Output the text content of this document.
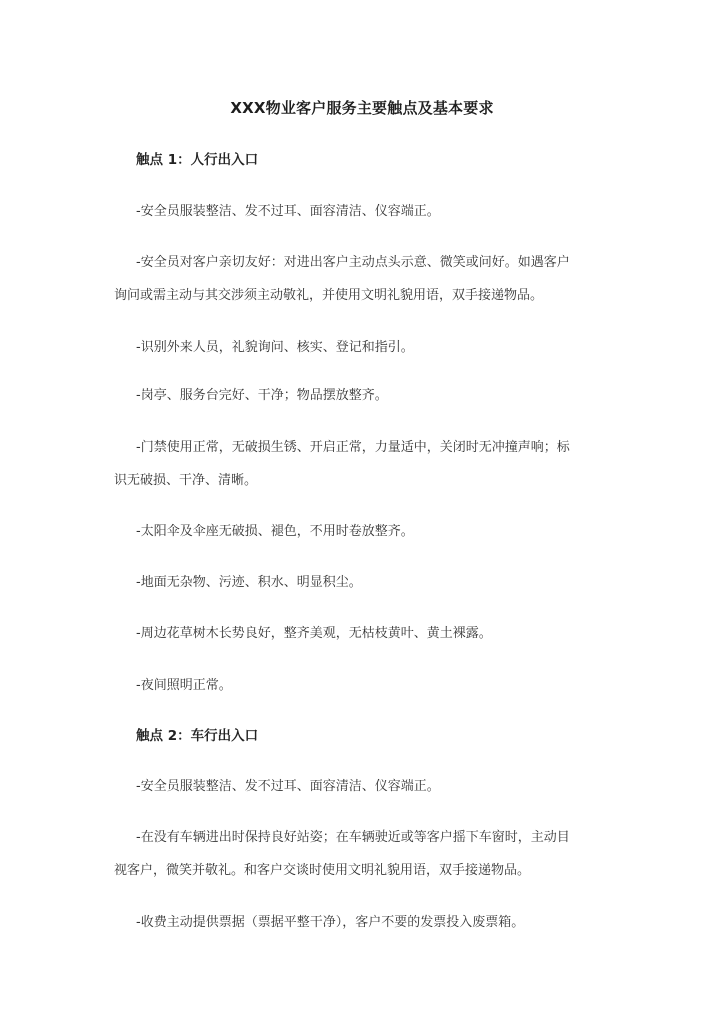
XXX物业客户服务主要触点及基本要求
触点 1：人行出入口
-安全员服装整洁、发不过耳、面容清洁、仪容端正。
-安全员对客户亲切友好：对进出客户主动点头示意、微笑或问好。如遇客户
询问或需主动与其交涉须主动敬礼，并使用文明礼貌用语，双手接递物品。
-识别外来人员，礼貌询问、核实、登记和指引。
-岗亭、服务台完好、干净；物品摆放整齐。
-门禁使用正常，无破损生锈、开启正常，力量适中，关闭时无冲撞声响；标
识无破损、干净、清晰。
-太阳伞及伞座无破损、褪色，不用时卷放整齐。
-地面无杂物、污迹、积水、明显积尘。
-周边花草树木长势良好，整齐美观，无枯枝黄叶、黄土裸露。
-夜间照明正常。
触点 2：车行出入口
-安全员服装整洁、发不过耳、面容清洁、仪容端正。
-在没有车辆进出时保持良好站姿；在车辆驶近或等客户摇下车窗时，主动目
视客户，微笑并敬礼。和客户交谈时使用文明礼貌用语，双手接递物品。
-收费主动提供票据（票据平整干净），客户不要的发票投入废票箱。
